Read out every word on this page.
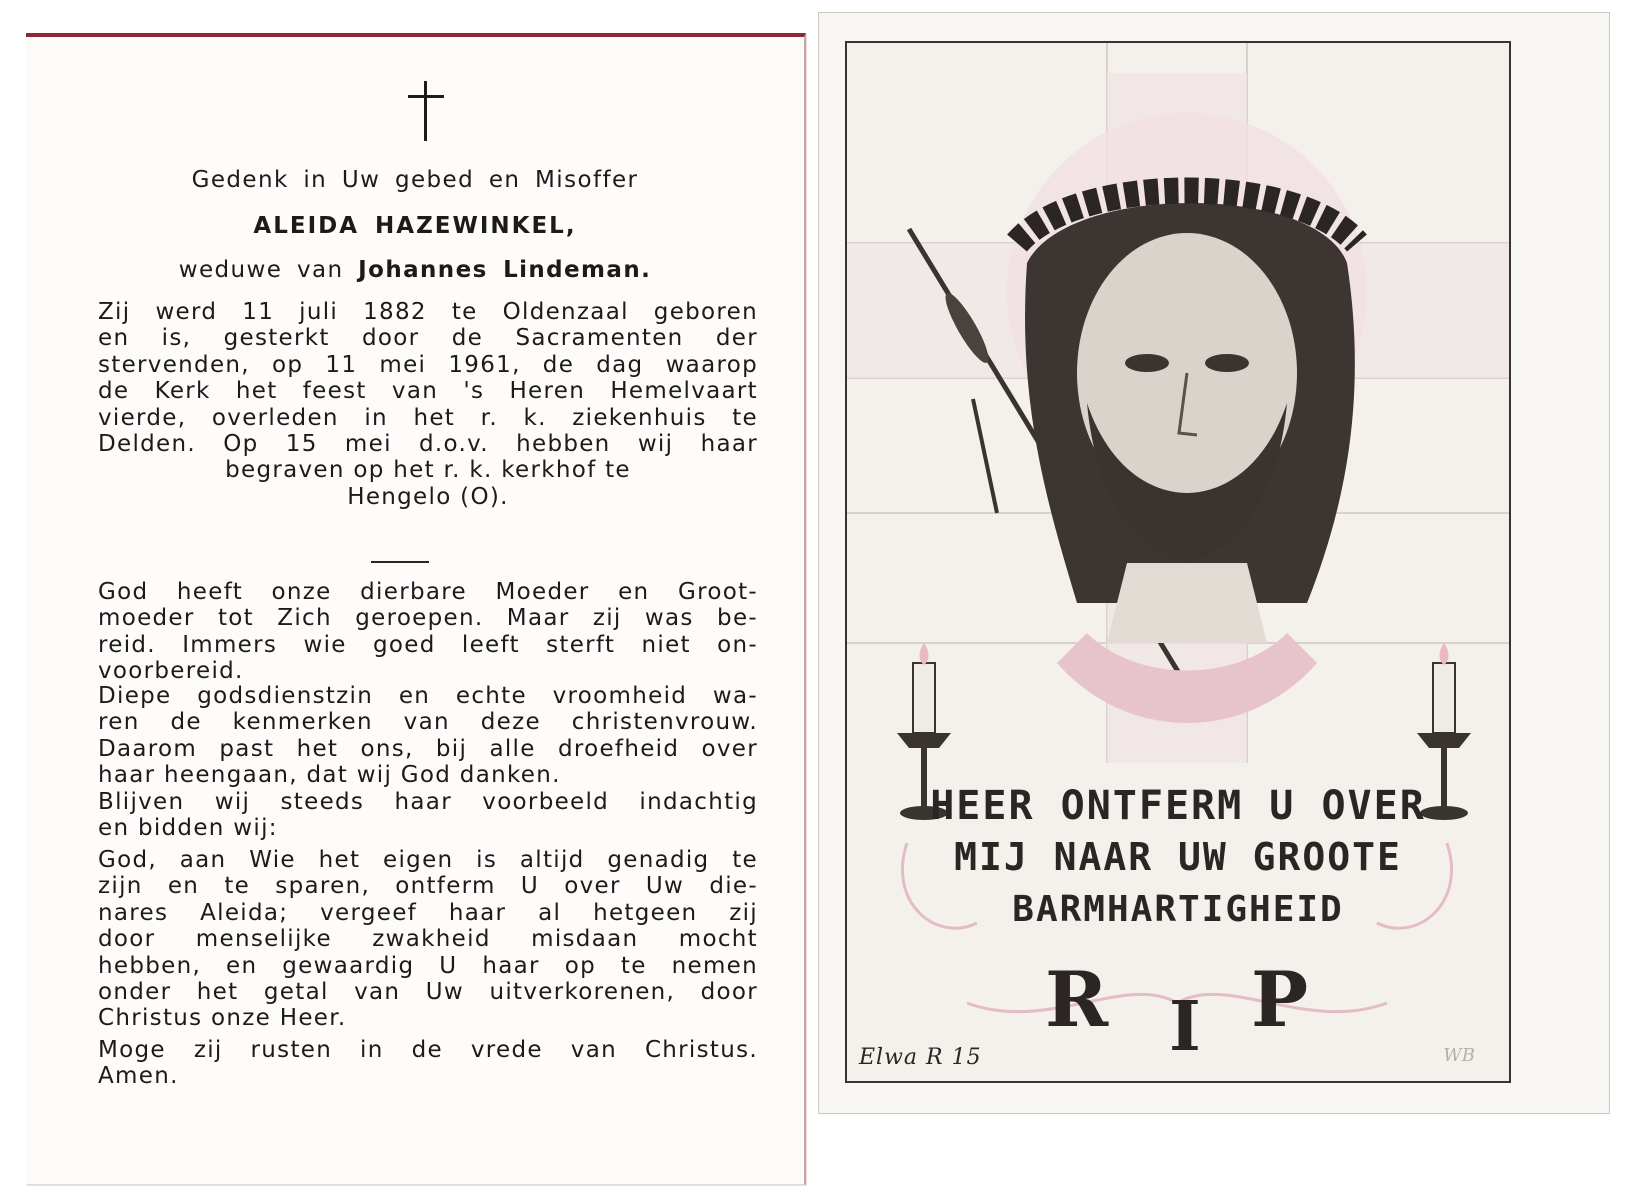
Gedenk in Uw gebed en Misoffer
ALEIDA HAZEWINKEL,
weduwe van Johannes Lindeman.
Zij werd 11 juli 1882 te Oldenzaal geboren
en is, gesterkt door de Sacramenten der
stervenden, op 11 mei 1961, de dag waarop
de Kerk het feest van 's Heren Hemelvaart
vierde, overleden in het r. k. ziekenhuis te
Delden. Op 15 mei d.o.v. hebben wij haar
begraven op het r. k. kerkhof te
Hengelo (O).
God heeft onze dierbare Moeder en Groot-
moeder tot Zich geroepen. Maar zij was be-
reid. Immers wie goed leeft sterft niet on-
voorbereid.
Diepe godsdienstzin en echte vroomheid wa-
ren de kenmerken van deze christenvrouw.
Daarom past het ons, bij alle droefheid over
haar heengaan, dat wij God danken.
Blijven wij steeds haar voorbeeld indachtig
en bidden wij:
God, aan Wie het eigen is altijd genadig te
zijn en te sparen, ontferm U over Uw die-
nares Aleida; vergeef haar al hetgeen zij
door menselijke zwakheid misdaan mocht
hebben, en gewaardig U haar op te nemen
onder het getal van Uw uitverkorenen, door
Christus onze Heer.
Moge zij rusten in de vrede van Christus.
Amen.
HEER ONTFERM U OVER
MIJ NAAR UW GROOTE
BARMHARTIGHEID
R I P
Elwa R 15	WB
